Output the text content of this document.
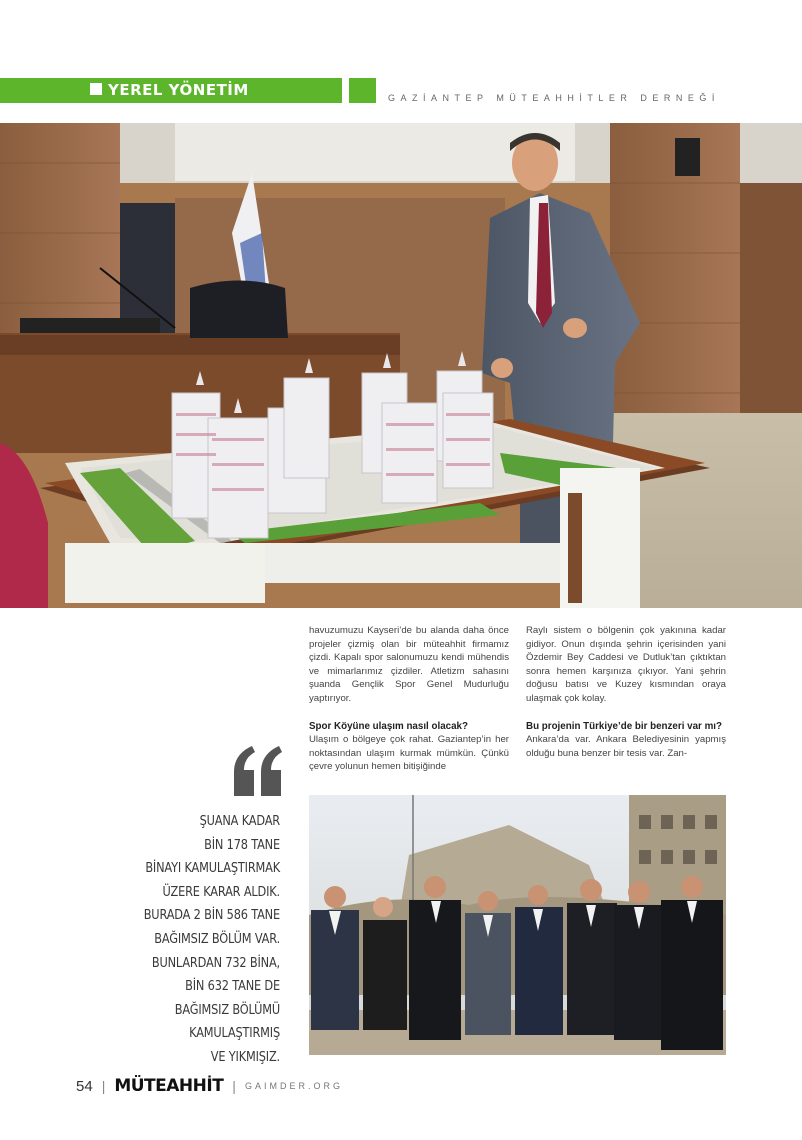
YEREL YÖNETİM	GAZİANTEP MÜTEAHHİTLER DERNEĞİ

havuzumuzu Kayseri’de bu alanda daha önce projeler çizmiş olan bir müteahhit firmamız çizdi. Kapalı spor salonumuzu kendi mühendis ve mimarlarımız çizdiler. Atletizm sahasını şuanda Gençlik Spor Genel Mudurluğu yaptırıyor.

Spor Köyüne ulaşım nasıl olacak?

Ulaşım o bölgeye çok rahat. Gaziantep’in her noktasından ulaşım kurmak mümkün. Çünkü çevre yolunun hemen bitişiğinde

Raylı sistem o bölgenin çok yakınına kadar gidiyor. Onun dışında şehrin içerisinden yani Özdemir Bey Caddesi ve Dutluk’tan çıktıktan sonra hemen karşınıza çıkıyor. Yani şehrin doğusu batısı ve Kuzey kısmından oraya ulaşmak çok kolay.

Bu projenin Türkiye’de bir benzeri var mı?

Ankara’da var. Ankara Belediyesinin yapmış olduğu buna benzer bir tesis var. Zan-

ŞUANA KADAR
BİN 178 TANE
BİNAYI KAMULAŞTIRMAK
ÜZERE KARAR ALDIK.
BURADA 2 BİN 586 TANE
BAĞIMSIZ BÖLÜM VAR.
BUNLARDAN 732 BİNA,
BİN 632 TANE DE
BAĞIMSIZ BÖLÜMÜ
KAMULAŞTIRMIŞ
VE YIKMIŞIZ.
54 | MÜTEAHHİT | GAIMDER.ORG
